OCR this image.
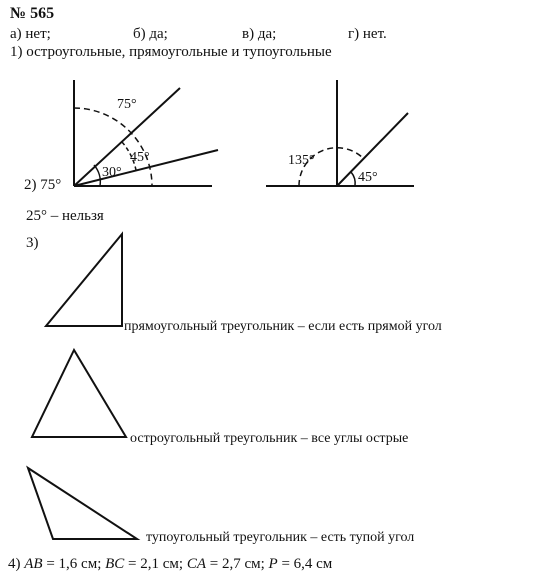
№ 565
а) нет;	б) да;	в) да;	г) нет.
1) остроугольные, прямоугольные и тупоугольные
75°
45°
30°
135°
45°
2) 75°
25° – нельзя
3)
прямоугольный треугольник – если есть прямой угол
остроугольный треугольник – все углы острые
тупоугольный треугольник – есть тупой угол
4) AB = 1,6 см; BC = 2,1 см; CA = 2,7 см; P = 6,4 см
